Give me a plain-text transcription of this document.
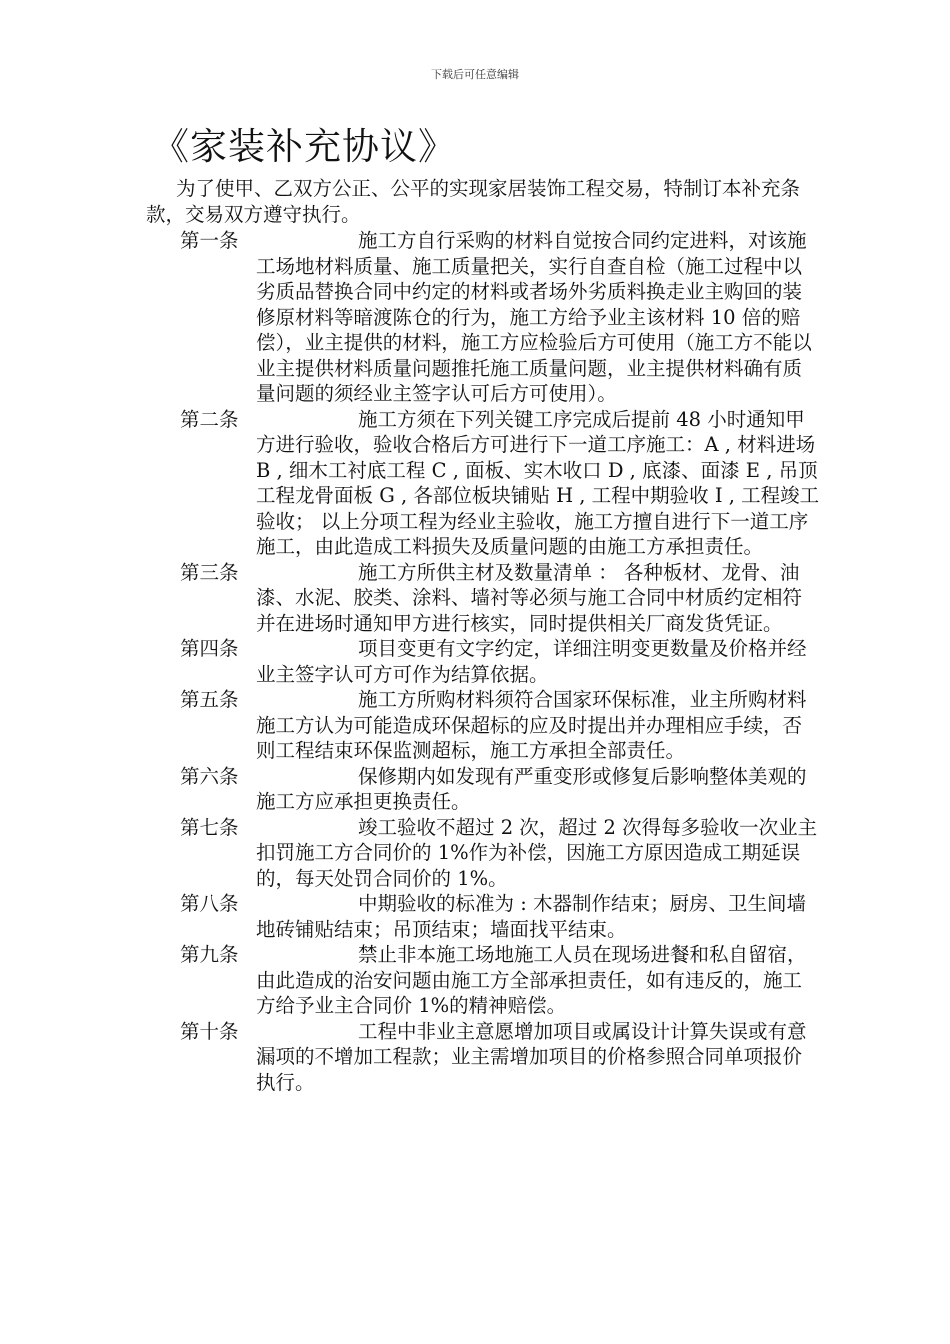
下载后可任意编辑
《家装补充协议》
为了使甲、乙双方公正、公平的实现家居装饰工程交易，特制订本补充条款，交易双方遵守执行。
第一条	施工方自行采购的材料自觉按合同约定进料，对该施工场地材料质量、施工质量把关，实行自查自检（施工过程中以劣质品替换合同中约定的材料或者场外劣质料换走业主购回的装修原材料等暗渡陈仓的行为，施工方给予业主该材料 10 倍的赔偿），业主提供的材料，施工方应检验后方可使用（施工方不能以业主提供材料质量问题推托施工质量问题，业主提供材料确有质量问题的须经业主签字认可后方可使用）。
第二条	施工方须在下列关键工序完成后提前 48 小时通知甲方进行验收，验收合格后方可进行下一道工序施工：A , 材料进场 B , 细木工衬底工程 C , 面板、实木收口 D , 底漆、面漆 E , 吊顶工程龙骨面板 G , 各部位板块铺贴 H , 工程中期验收 I , 工程竣工验收； 以上分项工程为经业主验收，施工方擅自进行下一道工序施工，由此造成工料损失及质量问题的由施工方承担责任。
第三条	施工方所供主材及数量清单 ： 各种板材、龙骨、油漆、水泥、胶类、涂料、墙衬等必须与施工合同中材质约定相符并在进场时通知甲方进行核实，同时提供相关厂商发货凭证。
第四条	项目变更有文字约定，详细注明变更数量及价格并经业主签字认可方可作为结算依据。
第五条	施工方所购材料须符合国家环保标准，业主所购材料施工方认为可能造成环保超标的应及时提出并办理相应手续，否则工程结束环保监测超标，施工方承担全部责任。
第六条	保修期内如发现有严重变形或修复后影响整体美观的施工方应承担更换责任。
第七条	竣工验收不超过 2 次，超过 2 次得每多验收一次业主扣罚施工方合同价的 1%作为补偿，因施工方原因造成工期延误的，每天处罚合同价的 1%。
第八条	中期验收的标准为 : 木器制作结束；厨房、卫生间墙地砖铺贴结束；吊顶结束；墙面找平结束。
第九条	禁止非本施工场地施工人员在现场进餐和私自留宿，由此造成的治安问题由施工方全部承担责任，如有违反的，施工方给予业主合同价 1%的精神赔偿。
第十条	工程中非业主意愿增加项目或属设计计算失误或有意漏项的不增加工程款；业主需增加项目的价格参照合同单项报价执行。
